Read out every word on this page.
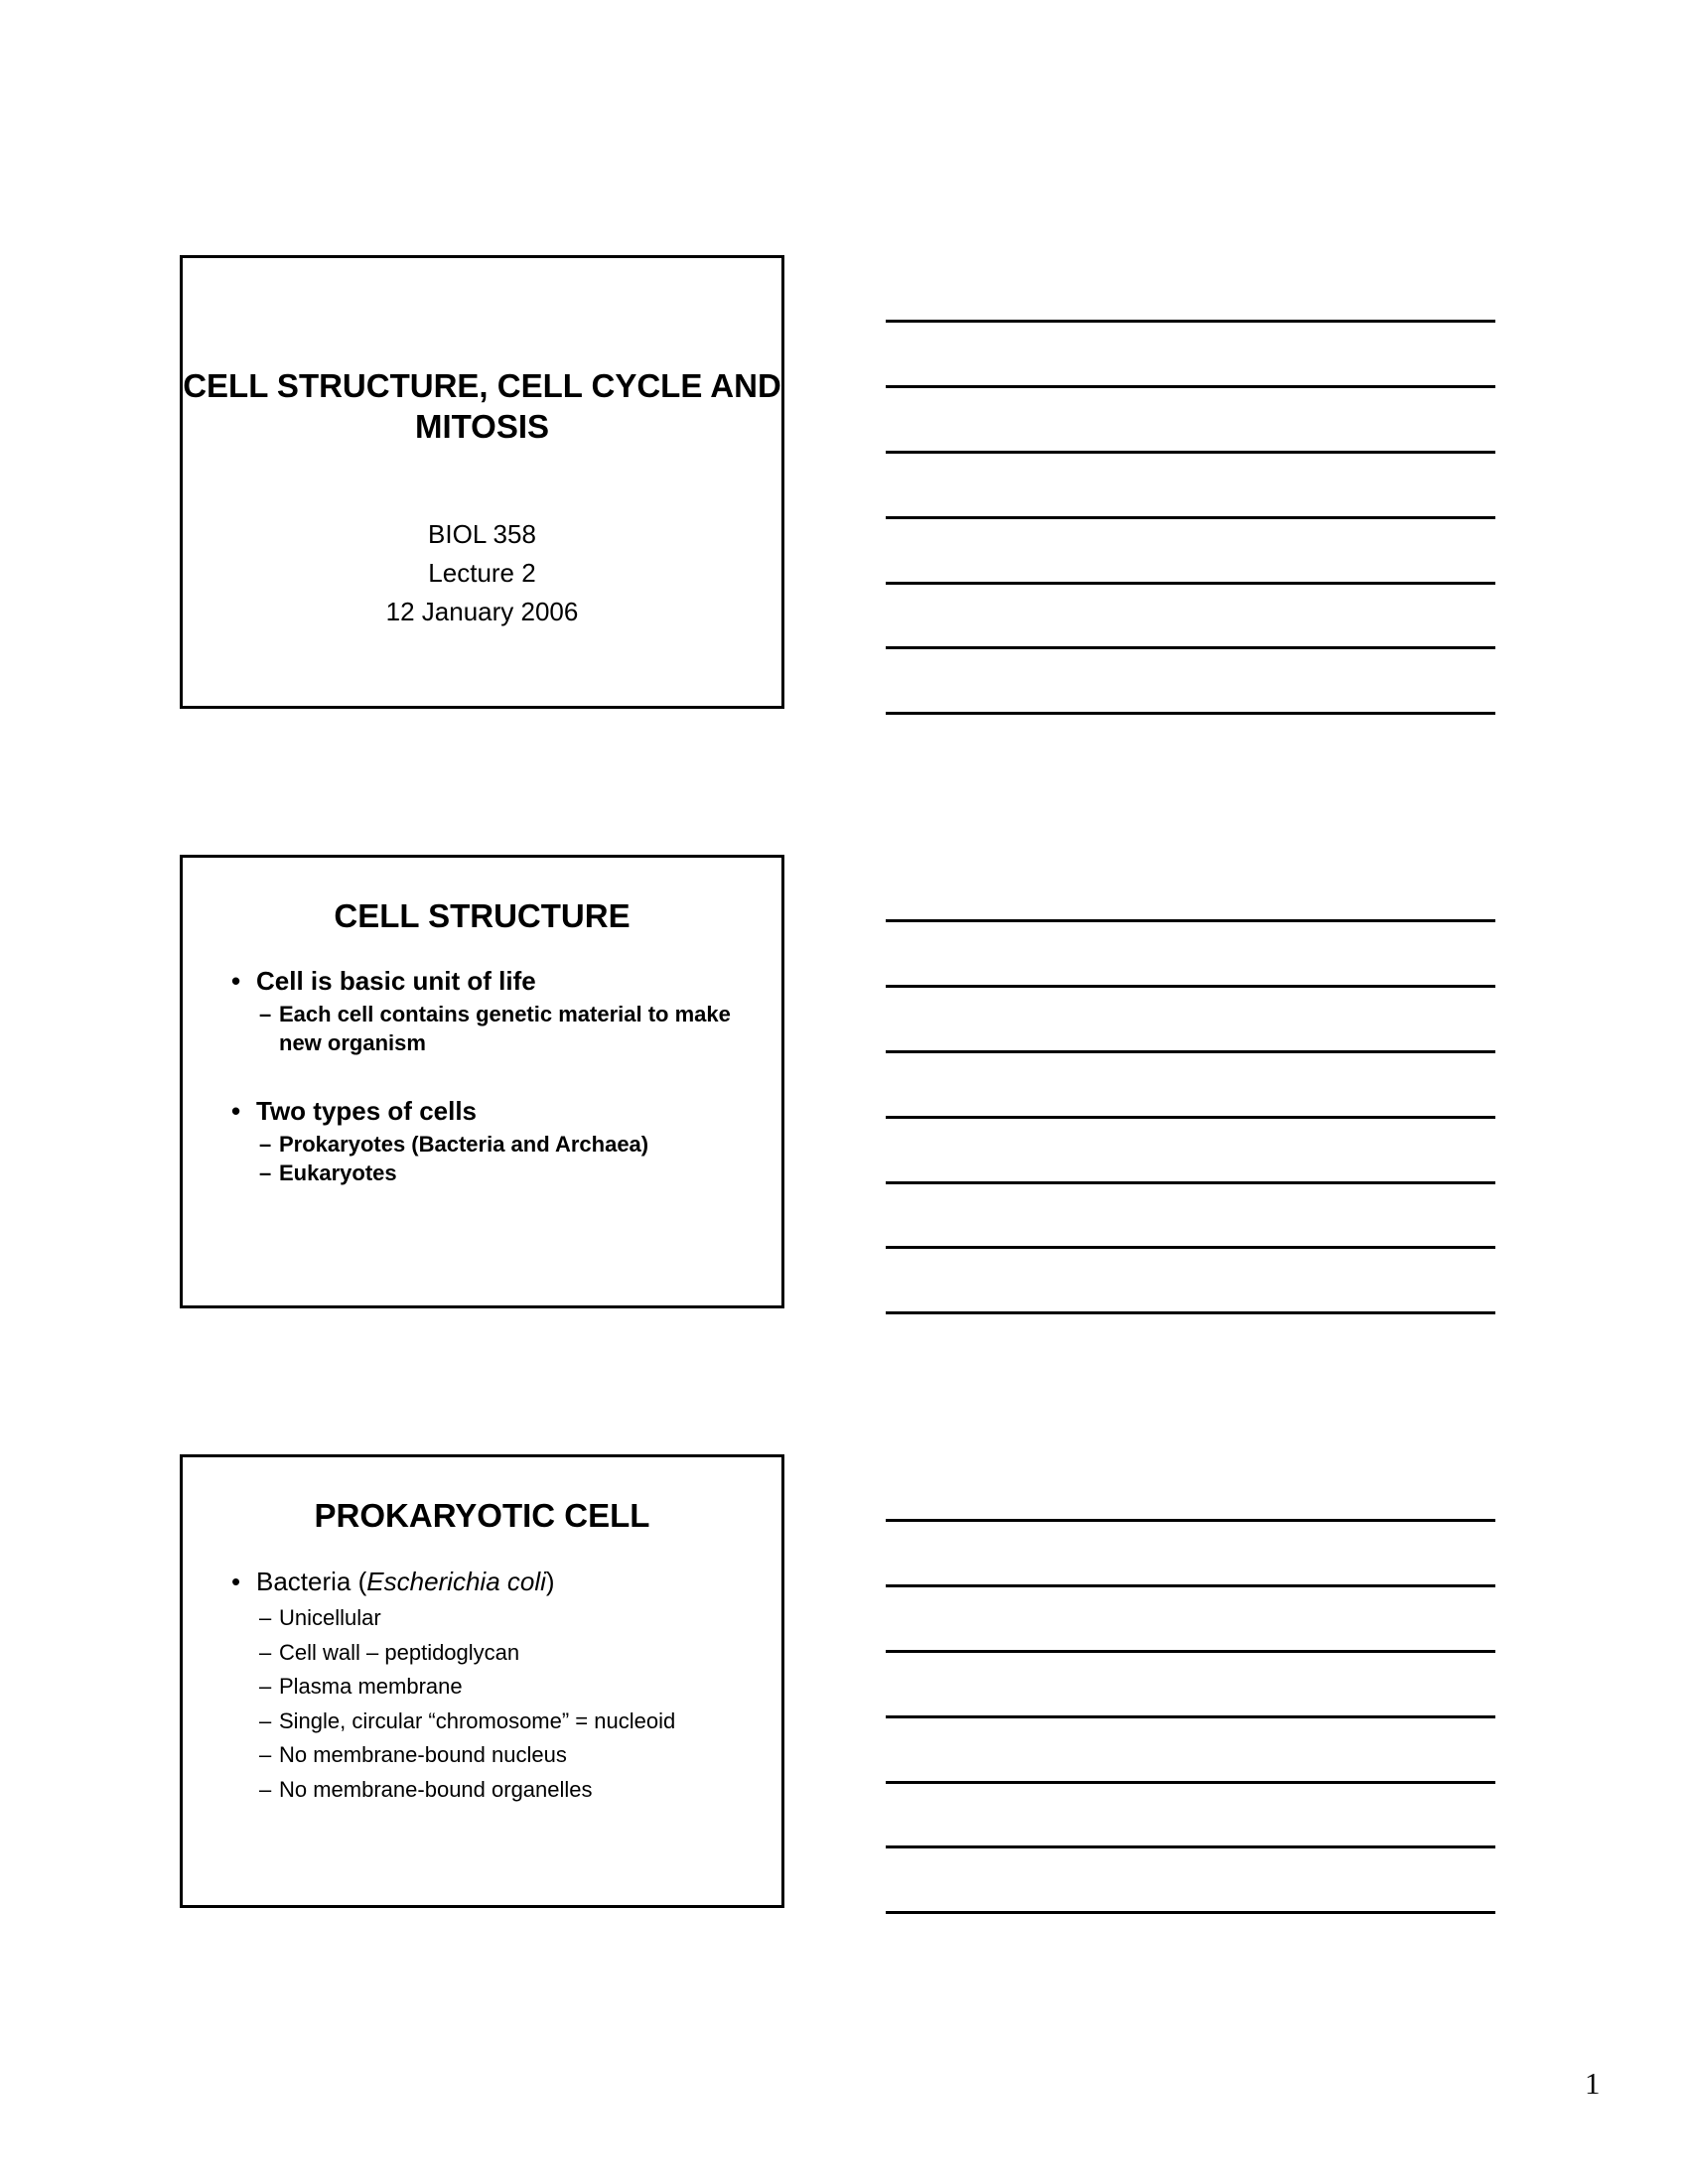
CELL STRUCTURE, CELL CYCLE AND MITOSIS
BIOL 358
Lecture 2
12 January 2006
CELL STRUCTURE
• Cell is basic unit of life
– Each cell contains genetic material to make new organism
• Two types of cells
– Prokaryotes (Bacteria and Archaea)
– Eukaryotes
PROKARYOTIC CELL
• Bacteria (Escherichia coli)
– Unicellular
– Cell wall – peptidoglycan
– Plasma membrane
– Single, circular “chromosome” = nucleoid
– No membrane-bound nucleus
– No membrane-bound organelles
1
